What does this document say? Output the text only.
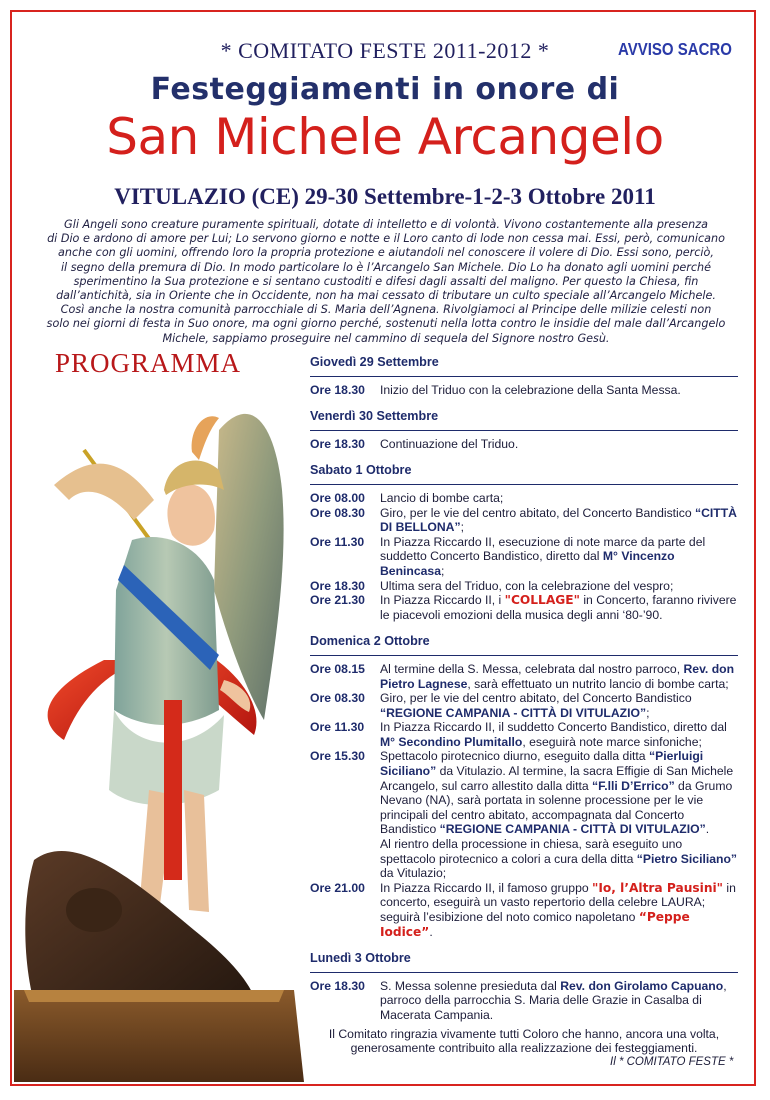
* COMITATO FESTE 2011-2012 *	AVVISO SACRO
Festeggiamenti in onore di
San Michele Arcangelo
VITULAZIO (CE) 29-30 Settembre-1-2-3 Ottobre 2011
Gli Angeli sono creature puramente spirituali, dotate di intelletto e di volontà. Vivono costantemente alla presenza
di Dio e ardono di amore per Lui; Lo servono giorno e notte e il Loro canto di lode non cessa mai. Essi, però, comunicano
anche con gli uomini, offrendo loro la propria protezione e aiutandoli nel conoscere il volere di Dio. Essi sono, perciò,
il segno della premura di Dio. In modo particolare lo è l’Arcangelo San Michele. Dio Lo ha donato agli uomini perché
sperimentino la Sua protezione e si sentano custoditi e difesi dagli assalti del maligno. Per questo la Chiesa, fin
dall’antichità, sia in Oriente che in Occidente, non ha mai cessato di tributare un culto speciale all’Arcangelo Michele.
Così anche la nostra comunità parrocchiale di S. Maria dell’Agnena. Rivolgiamoci al Principe delle milizie celesti non
solo nei giorni di festa in Suo onore, ma ogni giorno perché, sostenuti nella lotta contro le insidie del male dall’Arcangelo
Michele, sappiamo proseguire nel cammino di sequela del Signore nostro Gesù.
PROGRAMMA	Giovedì 29 Settembre
Ore 18.30	Inizio del Triduo con la celebrazione della Santa Messa.
Venerdì 30 Settembre
Ore 18.30	Continuazione del Triduo.
Sabato 1 Ottobre
Ore 08.00	Lancio di bombe carta;
Ore 08.30	Giro, per le vie del centro abitato, del Concerto Bandistico “CITTÀ DI BELLONA”;
Ore 11.30	In Piazza Riccardo II, esecuzione di note marce da parte del suddetto Concerto Bandistico, diretto dal M° Vincenzo Benincasa;
Ore 18.30	Ultima sera del Triduo, con la celebrazione del vespro;
Ore 21.30	In Piazza Riccardo II, i "COLLAGE" in Concerto, faranno rivivere le piacevoli emozioni della musica degli anni ‘80-’90.
Domenica 2 Ottobre
Ore 08.15	Al termine della S. Messa, celebrata dal nostro parroco, Rev. don Pietro Lagnese, sarà effettuato un nutrito lancio di bombe carta;
Ore 08.30	Giro, per le vie del centro abitato, del Concerto Bandistico “REGIONE CAMPANIA - CITTÀ DI VITULAZIO”;
Ore 11.30	In Piazza Riccardo II, il suddetto Concerto Bandistico, diretto dal M° Secondino Plumitallo, eseguirà note marce sinfoniche;
Ore 15.30	Spettacolo pirotecnico diurno, eseguito dalla ditta “Pierluigi Siciliano” da Vitulazio. Al termine, la sacra Effigie di San Michele Arcangelo, sul carro allestito dalla ditta “F.lli D’Errico” da Grumo Nevano (NA), sarà portata in solenne processione per le vie principali del centro abitato, accompagnata dal Concerto Bandistico “REGIONE CAMPANIA - CITTÀ DI VITULAZIO”.
Al rientro della processione in chiesa, sarà eseguito uno spettacolo pirotecnico a colori a cura della ditta “Pietro Siciliano” da Vitulazio;
Ore 21.00	In Piazza Riccardo II, il famoso gruppo "Io, l’Altra Pausini" in concerto, eseguirà un vasto repertorio della celebre LAURA; seguirà l’esibizione del noto comico napoletano “Peppe Iodice”.
Lunedì 3 Ottobre
Ore 18.30	S. Messa solenne presieduta dal Rev. don Girolamo Capuano, parroco della parrocchia S. Maria delle Grazie in Casalba di Macerata Campania.
Il Comitato ringrazia vivamente tutti Coloro che hanno, ancora una volta, generosamente contribuito alla realizzazione dei festeggiamenti.
Il * COMITATO FESTE *
